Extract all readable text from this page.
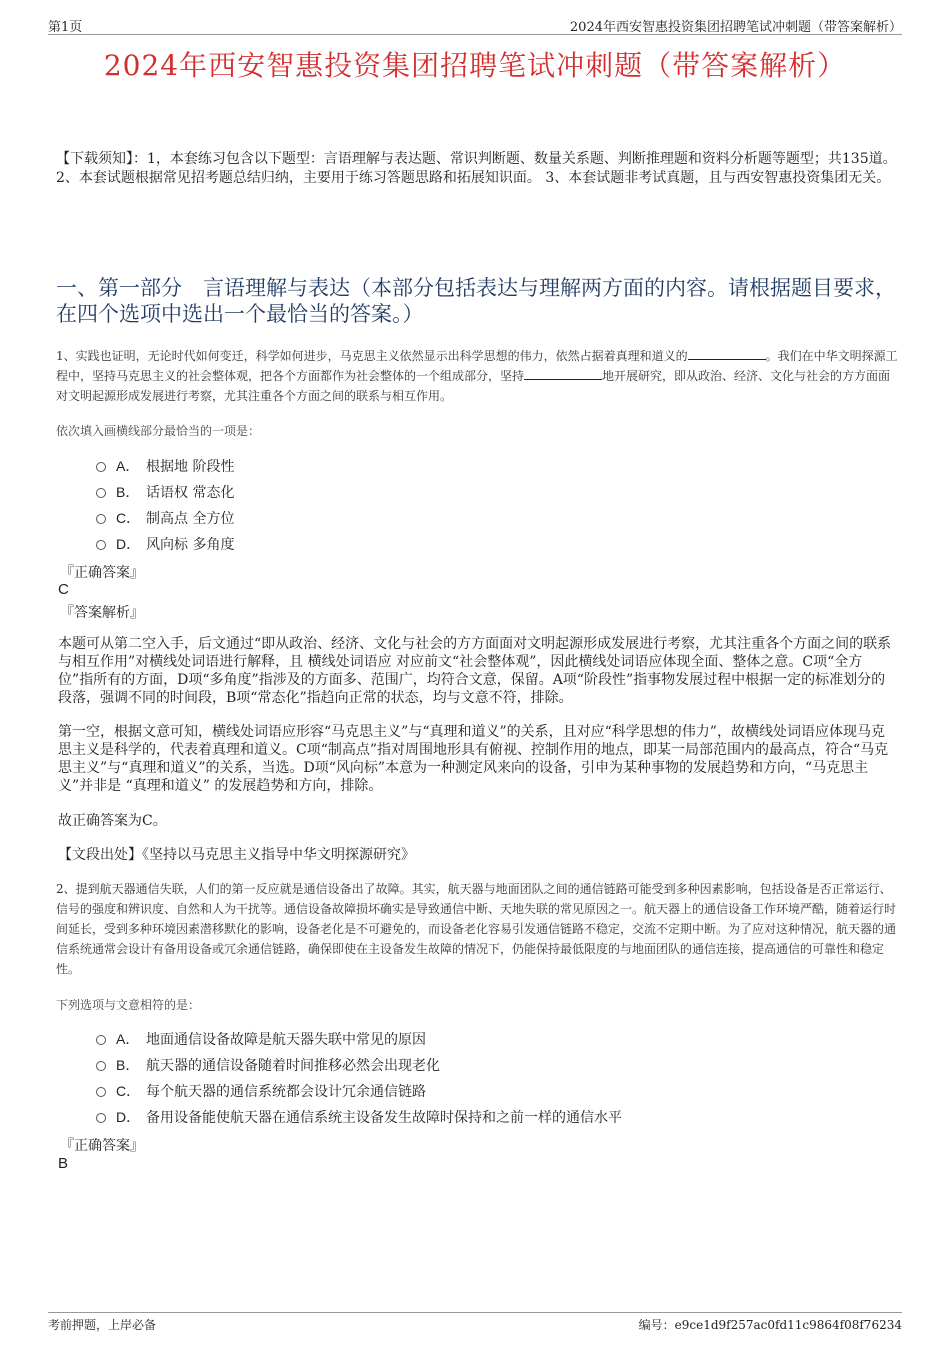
第1页	2024年西安智惠投资集团招聘笔试冲刺题（带答案解析）
2024年西安智惠投资集团招聘笔试冲刺题（带答案解析）
【下载须知】：1，本套练习包含以下题型：言语理解与表达题、常识判断题、数量关系题、判断推理题和资料分析题等题型；共135道。 2、本套试题根据常见招考题总结归纳，主要用于练习答题思路和拓展知识面。 3、本套试题非考试真题，且与西安智惠投资集团无关。
一、第一部分　言语理解与表达（本部分包括表达与理解两方面的内容。请根据题目要求，在四个选项中选出一个最恰当的答案。）
1、实践也证明，无论时代如何变迁，科学如何进步，马克思主义依然显示出科学思想的伟力，依然占据着真理和道义的	。我们在中华文明探源工程中，坚持马克思主义的社会整体观，把各个方面都作为社会整体的一个组成部分，坚持	地开展研究，即从政治、经济、文化与社会的方方面面对文明起源形成发展进行考察，尤其注重各个方面之间的联系与相互作用。
依次填入画横线部分最恰当的一项是：
A． 根据地 阶段性
B． 话语权 常态化
C． 制高点 全方位
D． 风向标 多角度
『正确答案』
C
『答案解析』
本题可从第二空入手，后文通过“即从政治、经济、文化与社会的方方面面对文明起源形成发展进行考察，尤其注重各个方面之间的联系与相互作用”对横线处词语进行解释，且 横线处词语应 对应前文“社会整体观”，因此横线处词语应体现全面、整体之意。C项“全方位”指所有的方面，D项“多角度”指涉及的方面多、范围广，均符合文意，保留。A项“阶段性”指事物发展过程中根据一定的标准划分的段落，强调不同的时间段，B项“常态化”指趋向正常的状态，均与文意不符，排除。
第一空，根据文意可知，横线处词语应形容“马克思主义”与“真理和道义”的关系，且对应“科学思想的伟力”，故横线处词语应体现马克思主义是科学的，代表着真理和道义。C项“制高点”指对周围地形具有俯视、控制作用的地点，即某一局部范围内的最高点，符合“马克思主义”与“真理和道义”的关系，当选。D项“风向标”本意为一种测定风来向的设备，引申为某种事物的发展趋势和方向，“马克思主义”并非是 “真理和道义” 的发展趋势和方向，排除。
故正确答案为C。
【文段出处】《坚持以马克思主义指导中华文明探源研究》
2、提到航天器通信失联，人们的第一反应就是通信设备出了故障。其实，航天器与地面团队之间的通信链路可能受到多种因素影响，包括设备是否正常运行、信号的强度和辨识度、自然和人为干扰等。通信设备故障损坏确实是导致通信中断、天地失联的常见原因之一。航天器上的通信设备工作环境严酷，随着运行时间延长，受到多种环境因素潜移默化的影响，设备老化是不可避免的，而设备老化容易引发通信链路不稳定，交流不定期中断。为了应对这种情况，航天器的通信系统通常会设计有备用设备或冗余通信链路，确保即使在主设备发生故障的情况下，仍能保持最低限度的与地面团队的通信连接，提高通信的可靠性和稳定性。
下列选项与文意相符的是：
A． 地面通信设备故障是航天器失联中常见的原因
B． 航天器的通信设备随着时间推移必然会出现老化
C． 每个航天器的通信系统都会设计冗余通信链路
D． 备用设备能使航天器在通信系统主设备发生故障时保持和之前一样的通信水平
『正确答案』
B
考前押题，上岸必备	编号：e9ce1d9f257ac0fd11c9864f08f76234
